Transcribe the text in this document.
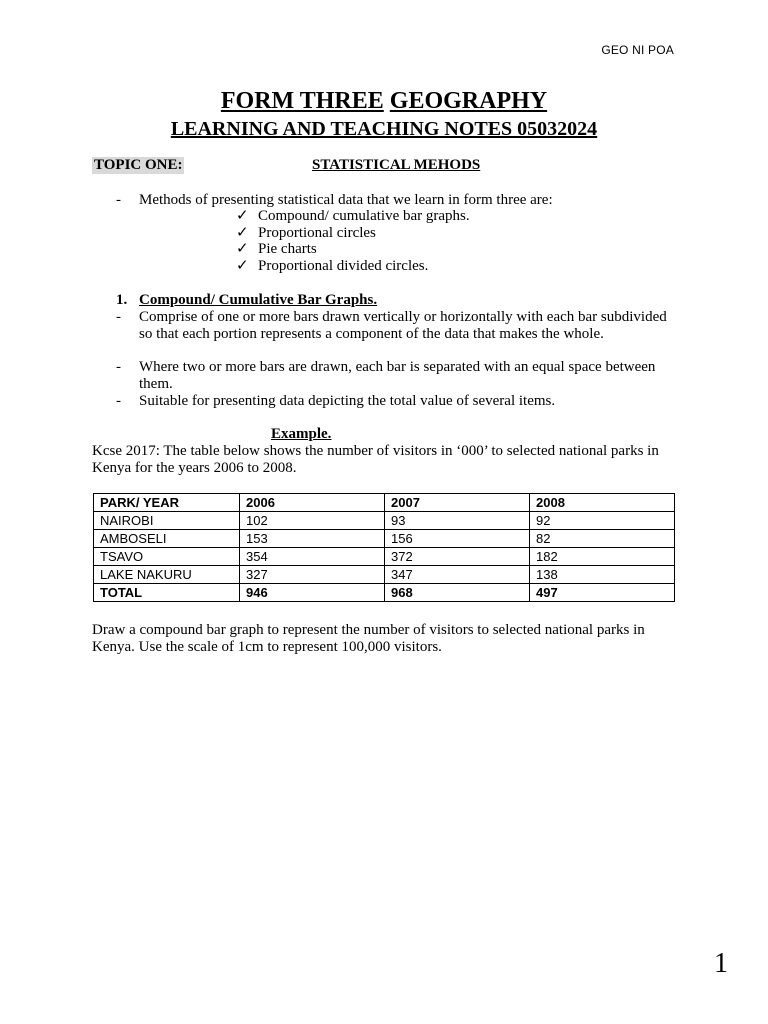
GEO NI POA
FORM THREE GEOGRAPHY
LEARNING AND TEACHING NOTES 05032024
TOPIC ONE:	STATISTICAL MEHODS
- Methods of presenting statistical data that we learn in form three are:
✓ Compound/ cumulative bar graphs.
✓ Proportional circles
✓ Pie charts
✓ Proportional divided circles.
1. Compound/ Cumulative Bar Graphs.
- Comprise of one or more bars drawn vertically or horizontally with each bar subdivided so that each portion represents a component of the data that makes the whole.
- Where two or more bars are drawn, each bar is separated with an equal space between them.
- Suitable for presenting data depicting the total value of several items.
Example.
Kcse 2017: The table below shows the number of visitors in ‘000’ to selected national parks in Kenya for the years 2006 to 2008.
PARK/ YEAR	2006	2007	2008
NAIROBI	102	93	92
AMBOSELI	153	156	82
TSAVO	354	372	182
LAKE NAKURU	327	347	138
TOTAL	946	968	497
Draw a compound bar graph to represent the number of visitors to selected national parks in Kenya. Use the scale of 1cm to represent 100,000 visitors.
1
